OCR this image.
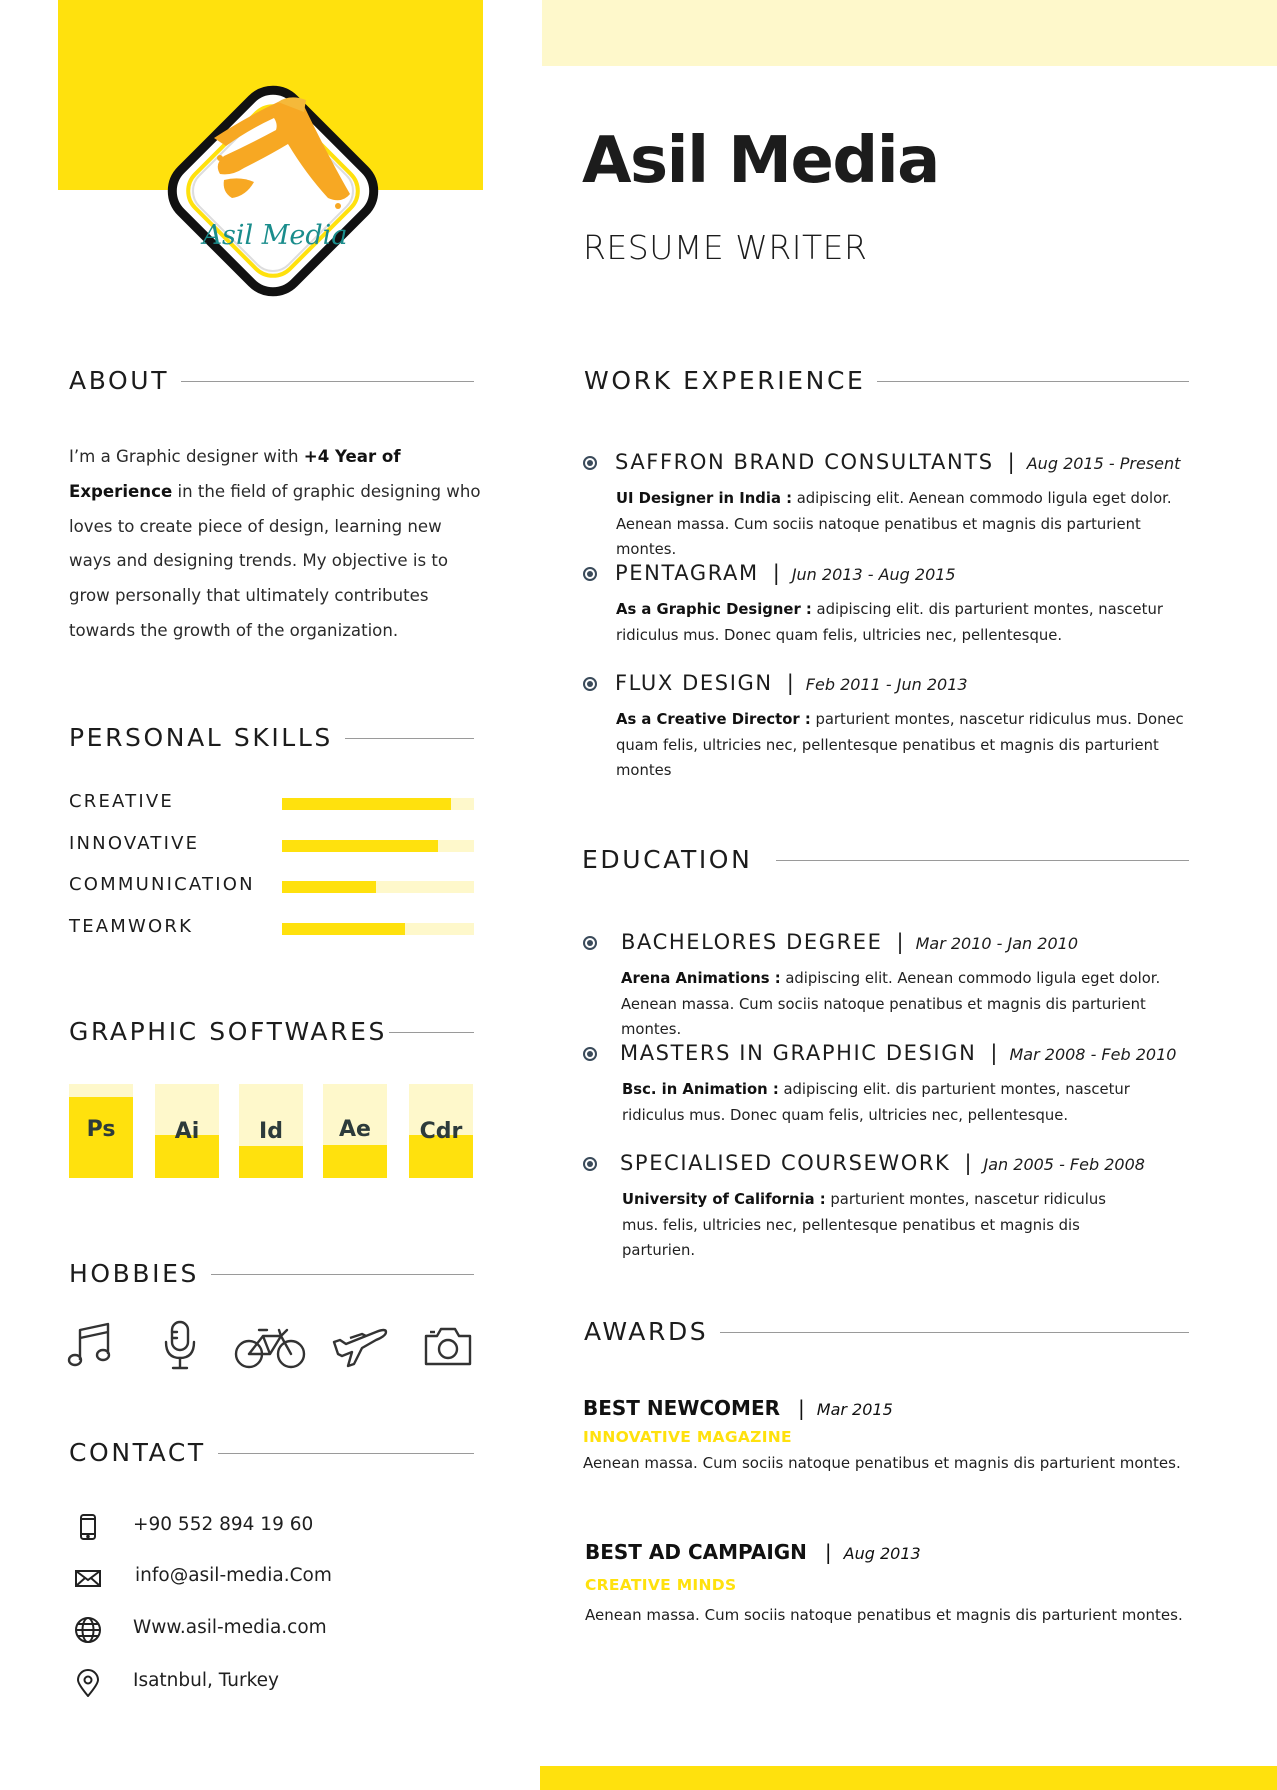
Asil Media
Asil Media
RESUME WRITER
ABOUT

I’m a Graphic designer with +4 Year of Experience in the field of graphic designing who loves to create piece of design, learning new ways and designing trends. My objective is to grow personally that ultimately contributes towards the growth of the organization.

PERSONAL SKILLS
CREATIVE
INNOVATIVE
COMMUNICATION
TEAMWORK
GRAPHIC SOFTWARES
Ps	Ai	Id	Ae	Cdr
HOBBIES
CONTACT
+90 552 894 19 60
info@asil-media.Com
Www.asil-media.com
Isatnbul, Turkey
WORK EXPERIENCE
SAFFRON BRAND CONSULTANTS | Aug 2015 - Present

UI Designer in India : adipiscing elit. Aenean commodo ligula eget dolor. Aenean massa. Cum sociis natoque penatibus et magnis dis parturient montes.

PENTAGRAM | Jun 2013 - Aug 2015

As a Graphic Designer : adipiscing elit. dis parturient montes, nascetur ridiculus mus. Donec quam felis, ultricies nec, pellentesque.

FLUX DESIGN | Feb 2011 - Jun 2013

As a Creative Director : parturient montes, nascetur ridiculus mus. Donec quam felis, ultricies nec, pellentesque penatibus et magnis dis parturient montes

EDUCATION
BACHELORES DEGREE | Mar 2010 - Jan 2010

Arena Animations : adipiscing elit. Aenean commodo ligula eget dolor. Aenean massa. Cum sociis natoque penatibus et magnis dis parturient montes.

MASTERS IN GRAPHIC DESIGN | Mar 2008 - Feb 2010

Bsc. in Animation : adipiscing elit. dis parturient montes, nascetur ridiculus mus. Donec quam felis, ultricies nec, pellentesque.

SPECIALISED COURSEWORK | Jan 2005 - Feb 2008

University of California : parturient montes, nascetur ridiculus mus. felis, ultricies nec, pellentesque penatibus et magnis dis parturien.

AWARDS
BEST NEWCOMER | Mar 2015
INNOVATIVE MAGAZINE
Aenean massa. Cum sociis natoque penatibus et magnis dis parturient montes.
BEST AD CAMPAIGN | Aug 2013
CREATIVE MINDS
Aenean massa. Cum sociis natoque penatibus et magnis dis parturient montes.
